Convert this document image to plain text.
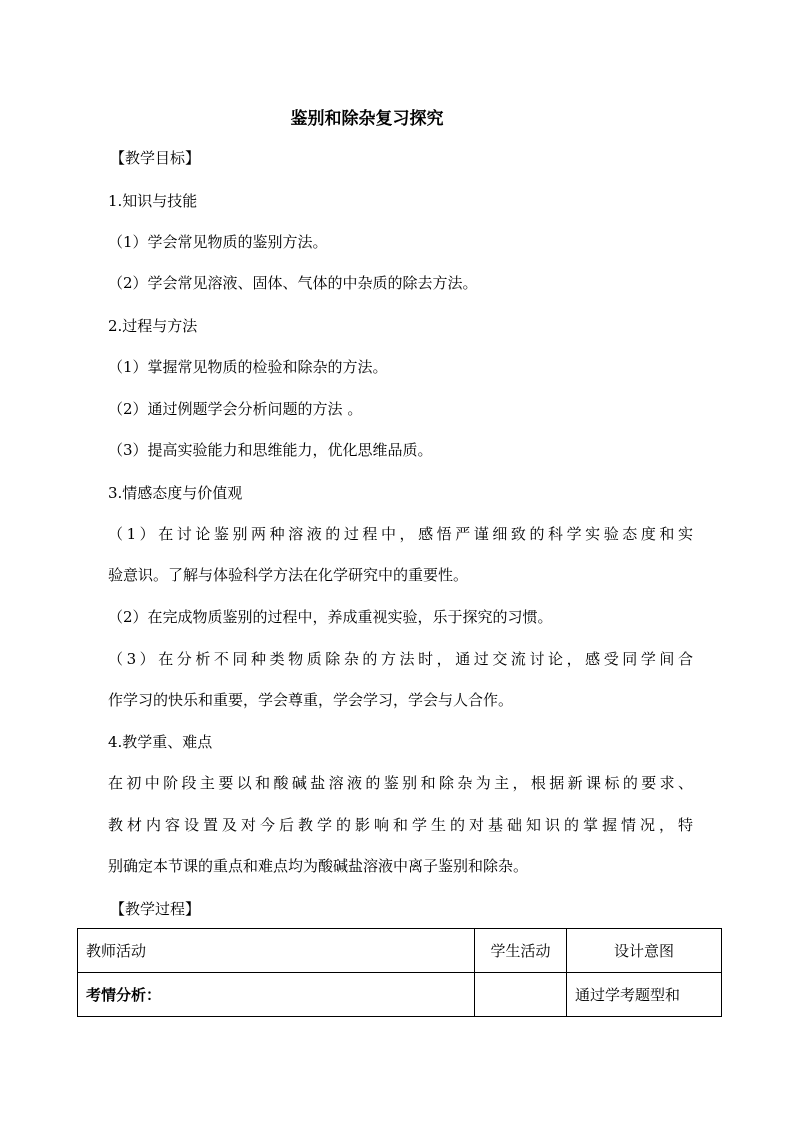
鉴别和除杂复习探究
【教学目标】
1.知识与技能
（1）学会常见物质的鉴别方法。
（2）学会常见溶液、固体、气体的中杂质的除去方法。
2.过程与方法
（1）掌握常见物质的检验和除杂的方法。
（2）通过例题学会分析问题的方法 。
（3）提高实验能力和思维能力，优化思维品质。
3.情感态度与价值观
（1）在讨论鉴别两种溶液的过程中，感悟严谨细致的科学实验态度和实
验意识。了解与体验科学方法在化学研究中的重要性。
（2）在完成物质鉴别的过程中，养成重视实验，乐于探究的习惯。
（3）在分析不同种类物质除杂的方法时，通过交流讨论，感受同学间合
作学习的快乐和重要，学会尊重，学会学习，学会与人合作。
4.教学重、难点
在初中阶段主要以和酸碱盐溶液的鉴别和除杂为主，根据新课标的要求、
教材内容设置及对今后教学的影响和学生的对基础知识的掌握情况，特
别确定本节课的重点和难点均为酸碱盐溶液中离子鉴别和除杂。
【教学过程】
教师活动	学生活动	设计意图
考情分析：		通过学考题型和
